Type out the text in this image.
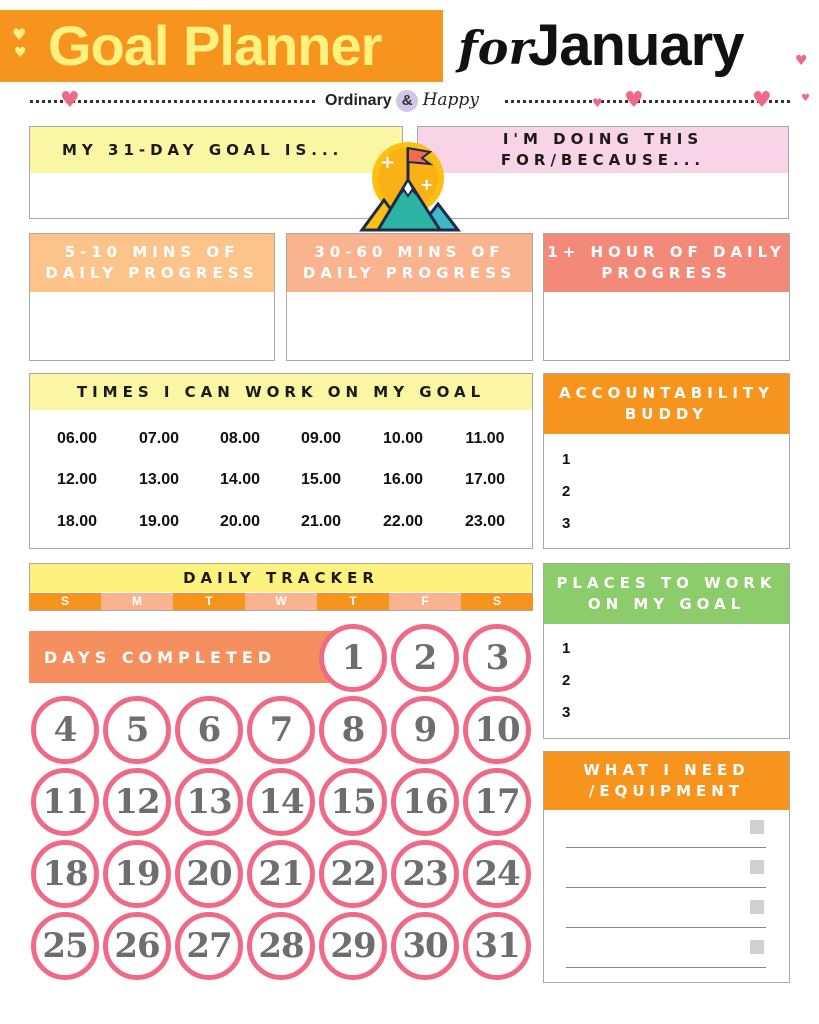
♥
♥ Goal Planner for
January	♥
♥
♥	Ordinary & Happy	♥ ♥	♥
MY 31-DAY GOAL IS...
I'M DOING THIS FOR/BECAUSE...
+
+
5-10 MINS OF DAILY PROGRESS
30-60 MINS OF DAILY PROGRESS
1+ HOUR OF DAILY PROGRESS
TIMES I CAN WORK ON MY GOAL
06.00	07.00	08.00	09.00	10.00	11.00
12.00	13.00	14.00	15.00	16.00	17.00
18.00	19.00	20.00	21.00	22.00	23.00
ACCOUNTABILITY BUDDY
1
2
3
DAILY TRACKER
S	M	T	W	T	F	S
DAYS COMPLETED	1	2	3
4	5	6	7	8	9	10
11 12 13 14 15 16 17
18 19 20 21 22 23 24
25 26 27 28 29 30 31
PLACES TO WORK ON MY GOAL
1
2
3
WHAT I NEED /EQUIPMENT
